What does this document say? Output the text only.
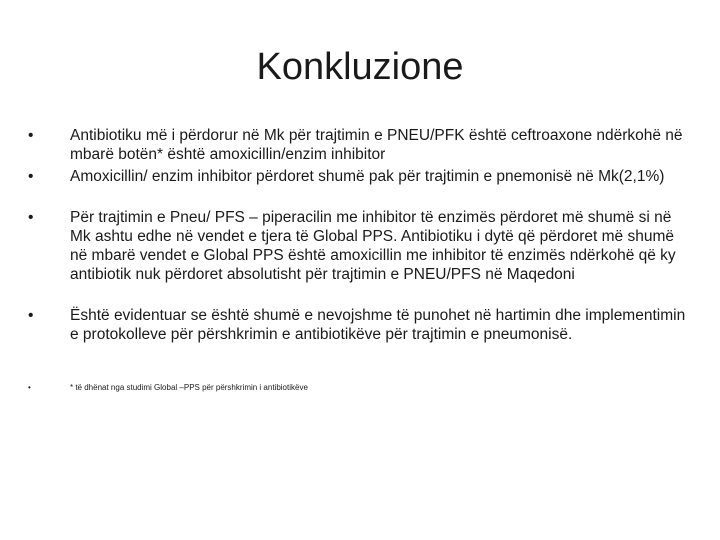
Konkluzione
•	Antibiotiku më i përdorur në Mk për trajtimin e PNEU/PFK është ceftroaxone ndërkohë në mbarë botën* është amoxicillin/enzim inhibitor
•	Amoxicillin/ enzim inhibitor përdoret shumë pak për trajtimin e pnemonisë në Mk(2,1%)
•	Për trajtimin e Pneu/ PFS – piperacilin me inhibitor të enzimës përdoret më shumë si në Mk ashtu edhe në vendet e tjera të Global PPS. Antibiotiku i dytë që përdoret më shumë në mbarë vendet e Global PPS është amoxicillin me inhibitor të enzimës ndërkohë që ky antibiotik nuk përdoret absolutisht për trajtimin e PNEU/PFS në Maqedoni
•	Është evidentuar se është shumë e nevojshme të punohet në hartimin dhe implementimin e protokolleve për përshkrimin e antibiotikëve për trajtimin e pneumonisë.
•	* të dhënat nga studimi Global –PPS për përshkrimin i antibiotikëve
